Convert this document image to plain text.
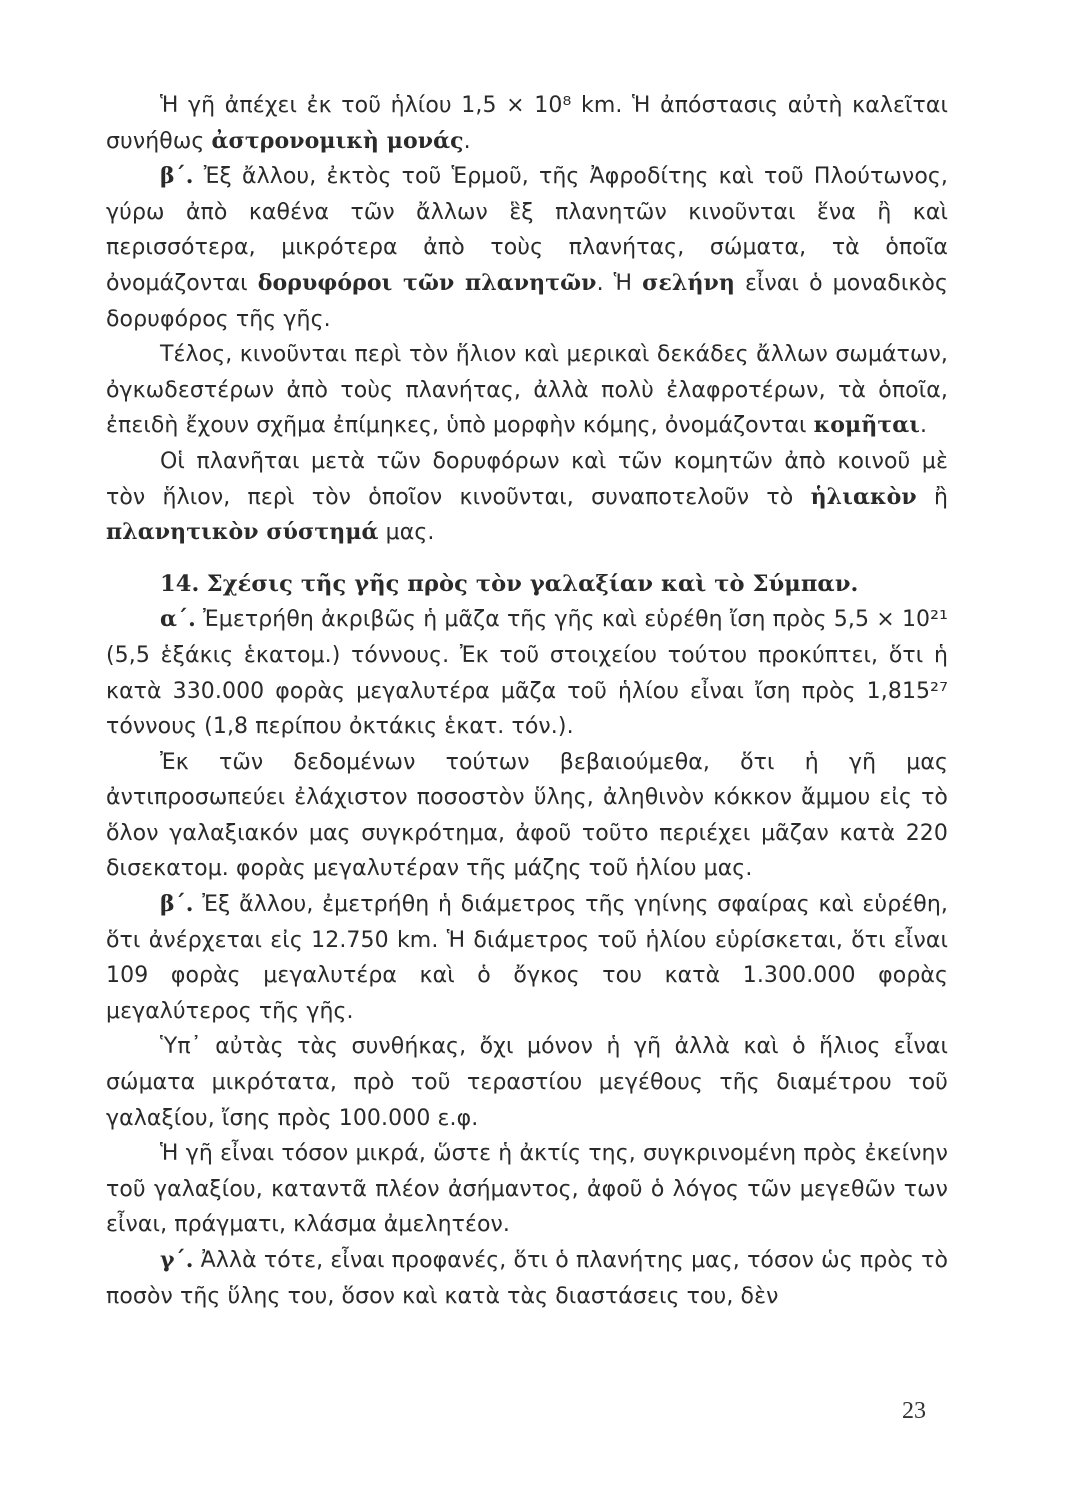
Ἡ γῆ ἀπέχει ἐκ τοῦ ἡλίου 1,5 × 10⁸ km. Ἡ ἀπόστασις αὐτὴ καλεῖται συνήθως ἀστρονομικὴ μονάς.

β΄. Ἐξ ἄλλου, ἐκτὸς τοῦ Ἑρμοῦ, τῆς Ἀφροδίτης καὶ τοῦ Πλούτωνος, γύρω ἀπὸ καθένα τῶν ἄλλων ἓξ πλανητῶν κινοῦνται ἕνα ἢ καὶ περισσότερα, μικρότερα ἀπὸ τοὺς πλανήτας, σώματα, τὰ ὁποῖα ὀνομάζονται δορυφόροι τῶν πλανητῶν. Ἡ σελήνη εἶναι ὁ μοναδικὸς δορυφόρος τῆς γῆς.

Τέλος, κινοῦνται περὶ τὸν ἥλιον καὶ μερικαὶ δεκάδες ἄλλων σωμάτων, ὀγκωδεστέρων ἀπὸ τοὺς πλανήτας, ἀλλὰ πολὺ ἐλαφροτέρων, τὰ ὁποῖα, ἐπειδὴ ἔχουν σχῆμα ἐπίμηκες, ὑπὸ μορφὴν κόμης, ὀνομάζονται κομῆται.

Οἱ πλανῆται μετὰ τῶν δορυφόρων καὶ τῶν κομητῶν ἀπὸ κοινοῦ μὲ τὸν ἥλιον, περὶ τὸν ὁποῖον κινοῦνται, συναποτελοῦν τὸ ἡλιακὸν ἢ πλανητικὸν σύστημά μας.

14. Σχέσις τῆς γῆς πρὸς τὸν γαλαξίαν καὶ τὸ Σύμπαν.

α΄. Ἐμετρήθη ἀκριβῶς ἡ μᾶζα τῆς γῆς καὶ εὑρέθη ἴση πρὸς 5,5 × 10²¹ (5,5 ἑξάκις ἑκατομ.) τόννους. Ἐκ τοῦ στοιχείου τούτου προκύπτει, ὅτι ἡ κατὰ 330.000 φορὰς μεγαλυτέρα μᾶζα τοῦ ἡλίου εἶναι ἴση πρὸς 1,815²⁷ τόννους (1,8 περίπου ὀκτάκις ἑκατ. τόν.).

Ἐκ τῶν δεδομένων τούτων βεβαιούμεθα, ὅτι ἡ γῆ μας ἀντιπροσωπεύει ἐλάχιστον ποσοστὸν ὕλης, ἀληθινὸν κόκκον ἄμμου εἰς τὸ ὅλον γαλαξιακόν μας συγκρότημα, ἀφοῦ τοῦτο περιέχει μᾶζαν κατὰ 220 δισεκατομ. φορὰς μεγαλυτέραν τῆς μάζης τοῦ ἡλίου μας.

β΄. Ἐξ ἄλλου, ἐμετρήθη ἡ διάμετρος τῆς γηίνης σφαίρας καὶ εὑρέθη, ὅτι ἀνέρχεται εἰς 12.750 km. Ἡ διάμετρος τοῦ ἡλίου εὑρίσκεται, ὅτι εἶναι 109 φορὰς μεγαλυτέρα καὶ ὁ ὄγκος του κατὰ 1.300.000 φορὰς μεγαλύτερος τῆς γῆς.

Ὑπ᾽ αὐτὰς τὰς συνθήκας, ὄχι μόνον ἡ γῆ ἀλλὰ καὶ ὁ ἥλιος εἶναι σώματα μικρότατα, πρὸ τοῦ τεραστίου μεγέθους τῆς διαμέτρου τοῦ γαλαξίου, ἴσης πρὸς 100.000 ε.φ.

Ἡ γῆ εἶναι τόσον μικρά, ὥστε ἡ ἀκτίς της, συγκρινομένη πρὸς ἐκείνην τοῦ γαλαξίου, καταντᾶ πλέον ἀσήμαντος, ἀφοῦ ὁ λόγος τῶν μεγεθῶν των εἶναι, πράγματι, κλάσμα ἀμελητέον.

γ΄. Ἀλλὰ τότε, εἶναι προφανές, ὅτι ὁ πλανήτης μας, τόσον ὡς πρὸς τὸ ποσὸν τῆς ὕλης του, ὅσον καὶ κατὰ τὰς διαστάσεις του, δὲν

23
